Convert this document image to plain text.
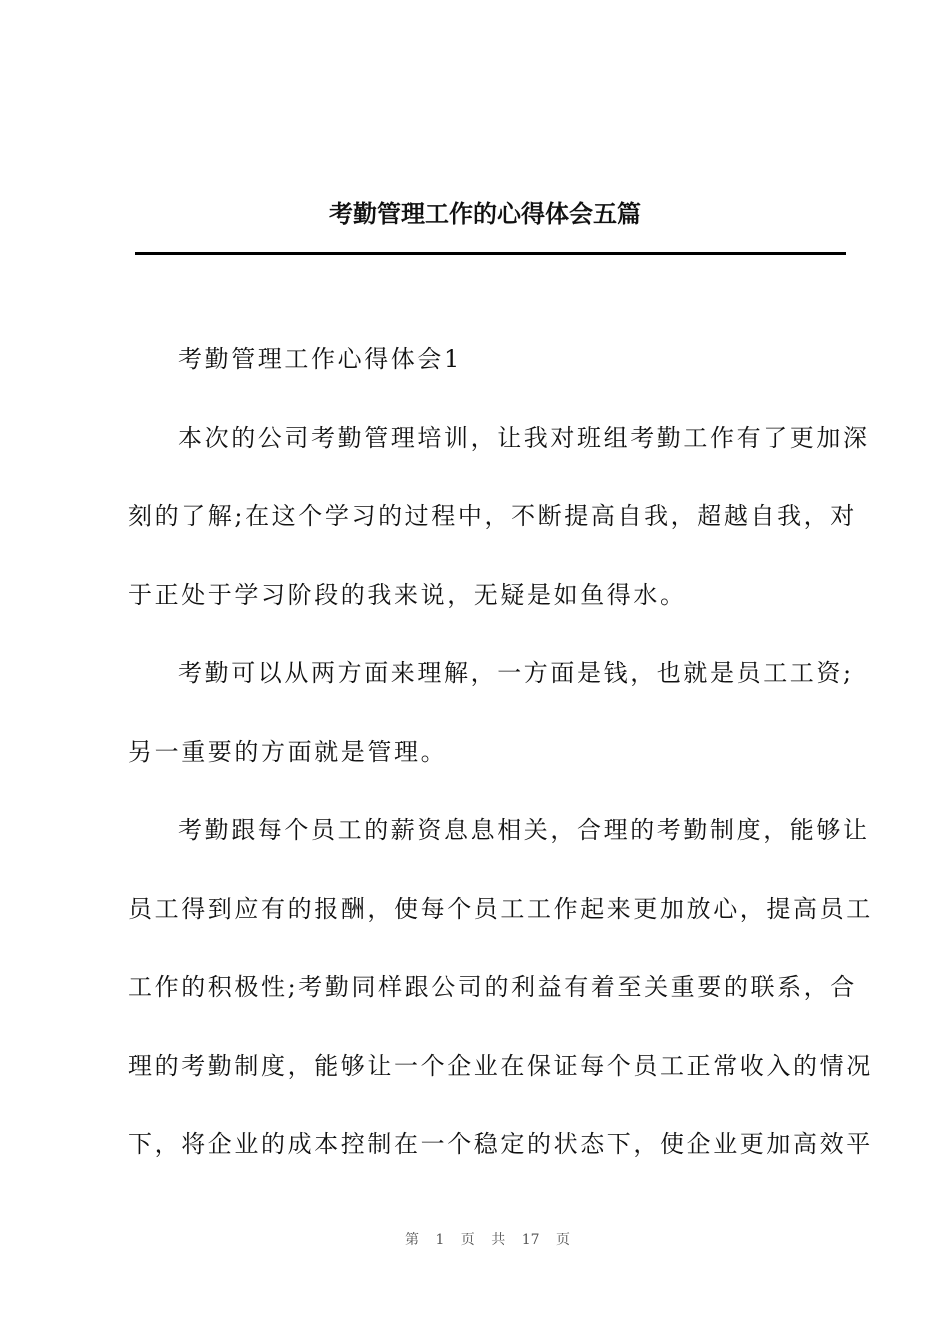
考勤管理工作的心得体会五篇
考勤管理工作心得体会1
本次的公司考勤管理培训，让我对班组考勤工作有了更加深
刻的了解;在这个学习的过程中，不断提高自我，超越自我，对
于正处于学习阶段的我来说，无疑是如鱼得水。
考勤可以从两方面来理解，一方面是钱，也就是员工工资;
另一重要的方面就是管理。
考勤跟每个员工的薪资息息相关，合理的考勤制度，能够让
员工得到应有的报酬，使每个员工工作起来更加放心，提高员工
工作的积极性;考勤同样跟公司的利益有着至关重要的联系，合
理的考勤制度，能够让一个企业在保证每个员工正常收入的情况
下，将企业的成本控制在一个稳定的状态下，使企业更加高效平
第 1 页 共 17 页
